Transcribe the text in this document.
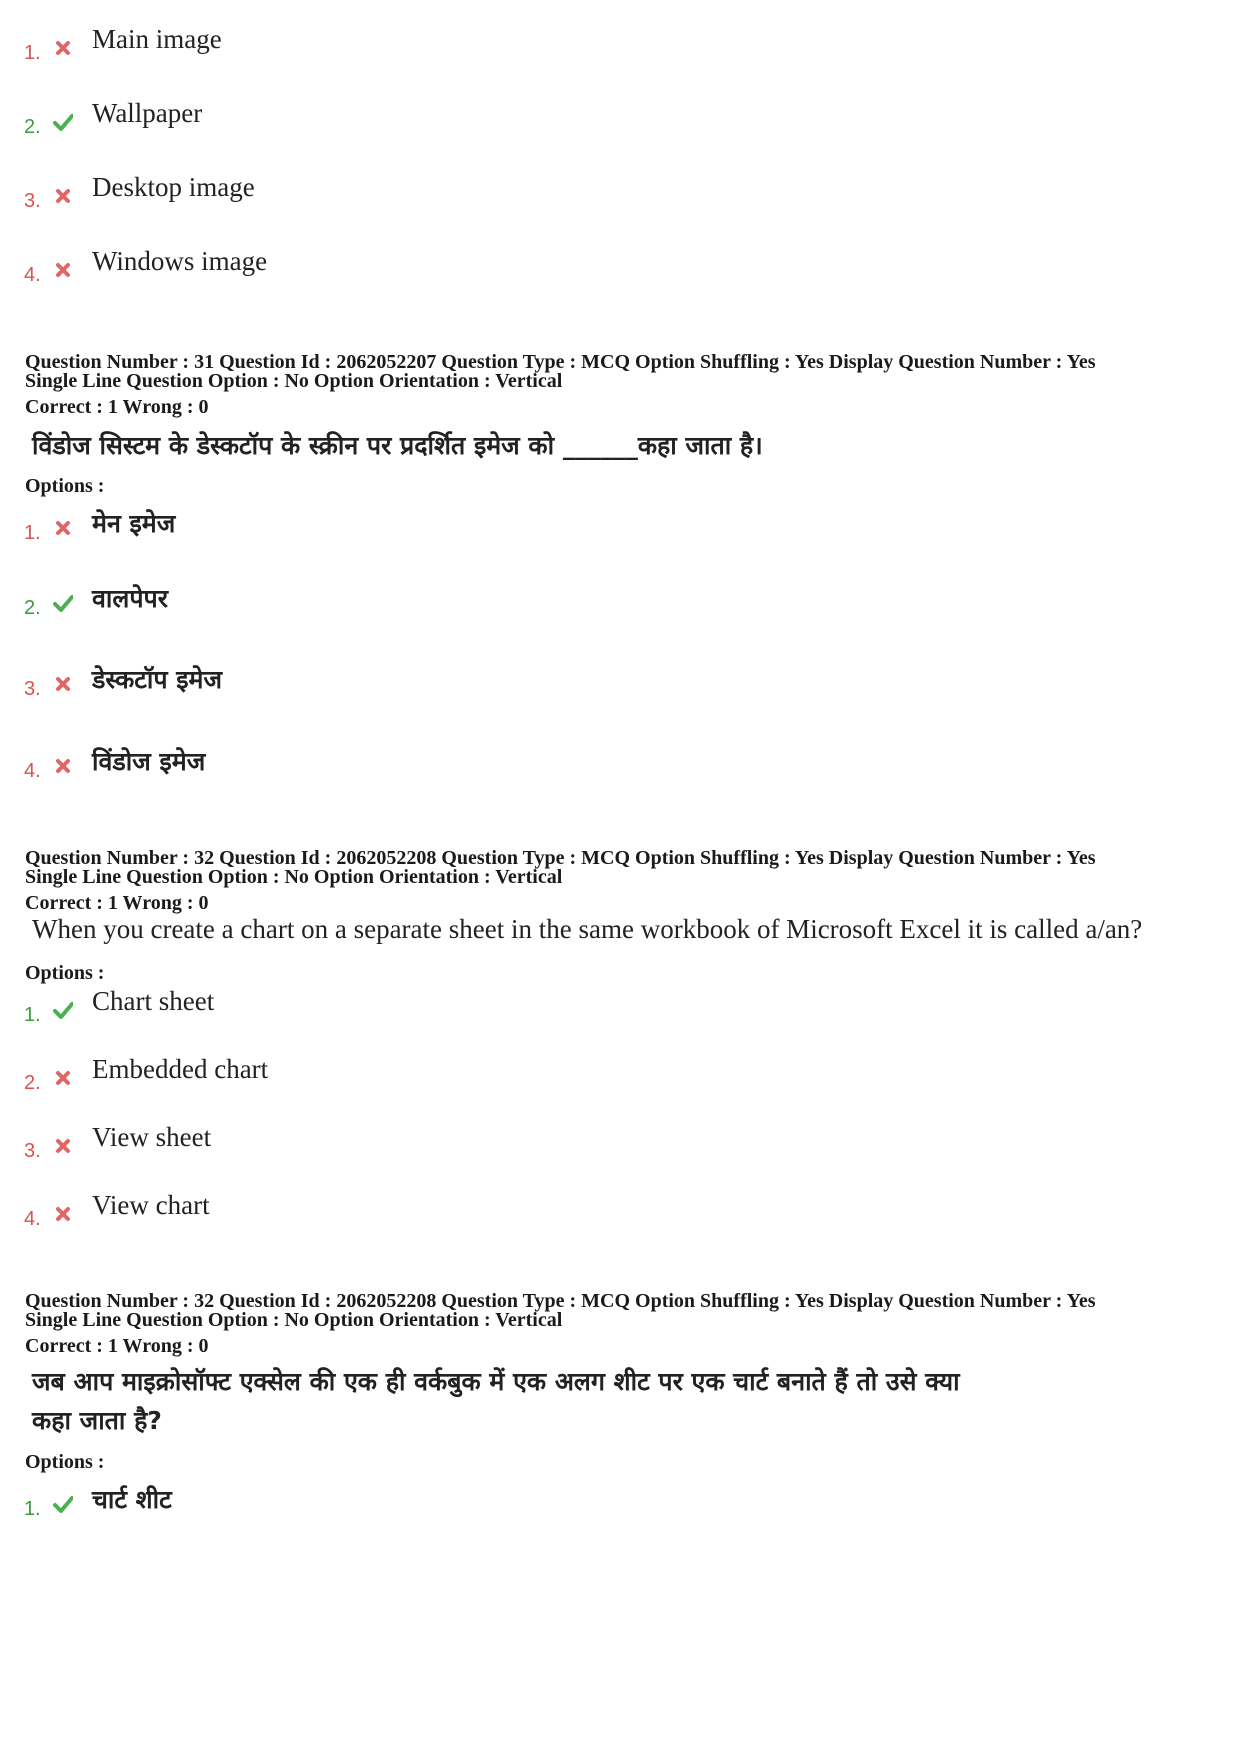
1. Main image
2. Wallpaper
3. Desktop image
4. Windows image
Question Number : 31 Question Id : 2062052207 Question Type : MCQ Option Shuffling : Yes Display Question Number : Yes
Single Line Question Option : No Option Orientation : Vertical
Correct : 1 Wrong : 0
विंडोज सिस्टम के डेस्कटॉप के स्क्रीन पर प्रदर्शित इमेज को ______कहा जाता है।
Options :
1. मेन इमेज
2. वालपेपर
3. डेस्कटॉप इमेज
4. विंडोज इमेज
Question Number : 32 Question Id : 2062052208 Question Type : MCQ Option Shuffling : Yes Display Question Number : Yes
Single Line Question Option : No Option Orientation : Vertical
Correct : 1 Wrong : 0
When you create a chart on a separate sheet in the same workbook of Microsoft Excel it is called a/an?
Options :
1. Chart sheet
2. Embedded chart
3. View sheet
4. View chart
Question Number : 32 Question Id : 2062052208 Question Type : MCQ Option Shuffling : Yes Display Question Number : Yes
Single Line Question Option : No Option Orientation : Vertical
Correct : 1 Wrong : 0
जब आप माइक्रोसॉफ्ट एक्सेल की एक ही वर्कबुक में एक अलग शीट पर एक चार्ट बनाते हैं तो उसे क्या
कहा जाता है?
Options :
1. चार्ट शीट
